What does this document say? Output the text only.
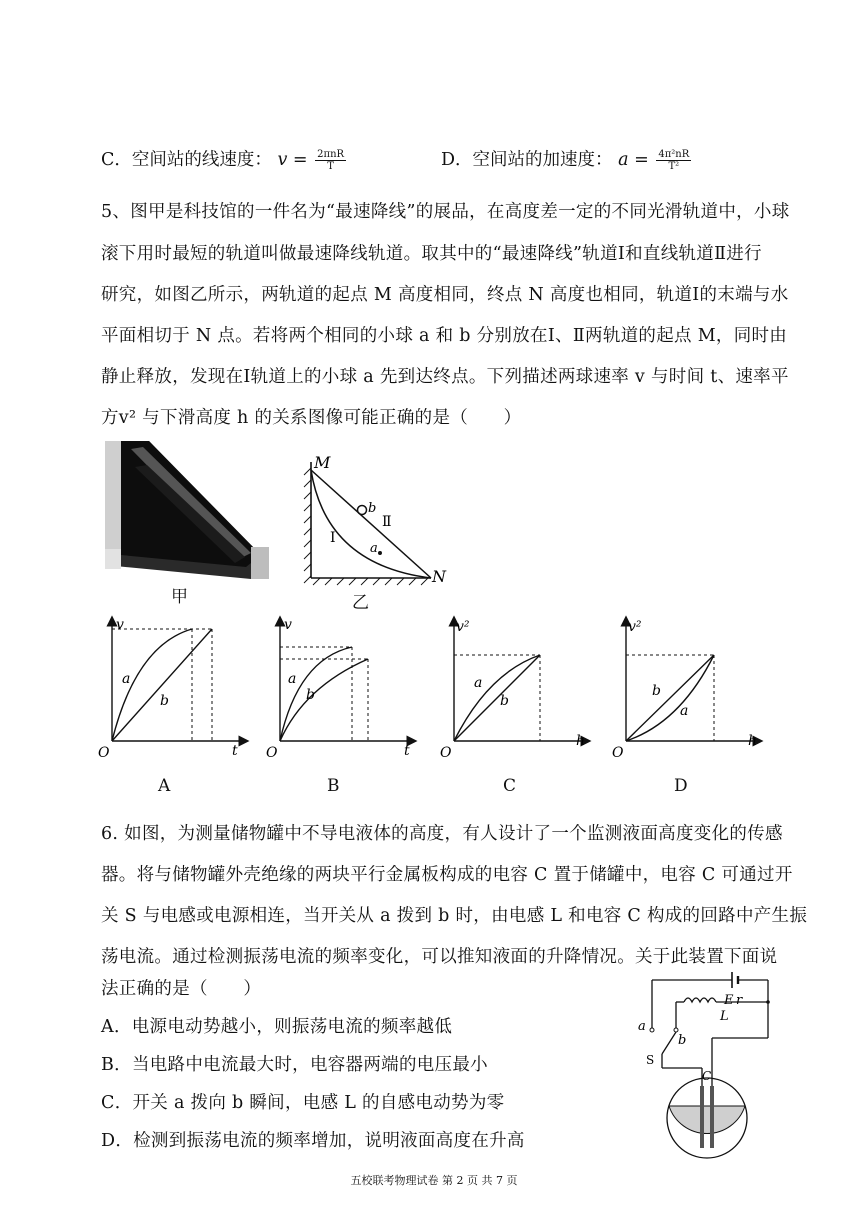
C．空间站的线速度： $v = \frac{\text{2πnR}}{T}$	D．空间站的加速度： $a = \frac{\text{4π²nR}}{\text{T²}}$
5、图甲是科技馆的一件名为“最速降线”的展品，在高度差一定的不同光滑轨道中，小球
滚下用时最短的轨道叫做最速降线轨道。取其中的“最速降线”轨道Ⅰ和直线轨道Ⅱ进行
研究，如图乙所示，两轨道的起点 M 高度相同，终点 N 高度也相同，轨道Ⅰ的末端与水
平面相切于 N 点。若将两个相同的小球 a 和 b 分别放在Ⅰ、Ⅱ两轨道的起点 M，同时由
静止释放，发现在Ⅰ轨道上的小球 a 先到达终点。下列描述两球速率 v 与时间 t、速率平
方v² 与下滑高度 h 的关系图像可能正确的是（　　）
甲
M
N
b
a
Ⅰ
Ⅱ
乙
v
t
O
a
b
A
v
t
O
a
b
B
v²
h
O
a
b
C
v²
h
O
b
a
D
6. 如图，为测量储物罐中不导电液体的高度，有人设计了一个监测液面高度变化的传感
器。将与储物罐外壳绝缘的两块平行金属板构成的电容 C 置于储罐中，电容 C 可通过开
关 S 与电感或电源相连，当开关从 a 拨到 b 时，由电感 L 和电容 C 构成的回路中产生振
荡电流。通过检测振荡电流的频率变化，可以推知液面的升降情况。关于此装置下面说
法正确的是（　　）
A．电源电动势越小，则振荡电流的频率越低
B．当电路中电流最大时，电容器两端的电压最小
C．开关 a 拨向 b 瞬间，电感 L 的自感电动势为零
D．检测到振荡电流的频率增加，说明液面高度在升高
E r
L
a
b
S
C
五校联考物理试卷 第 2 页 共 7 页
